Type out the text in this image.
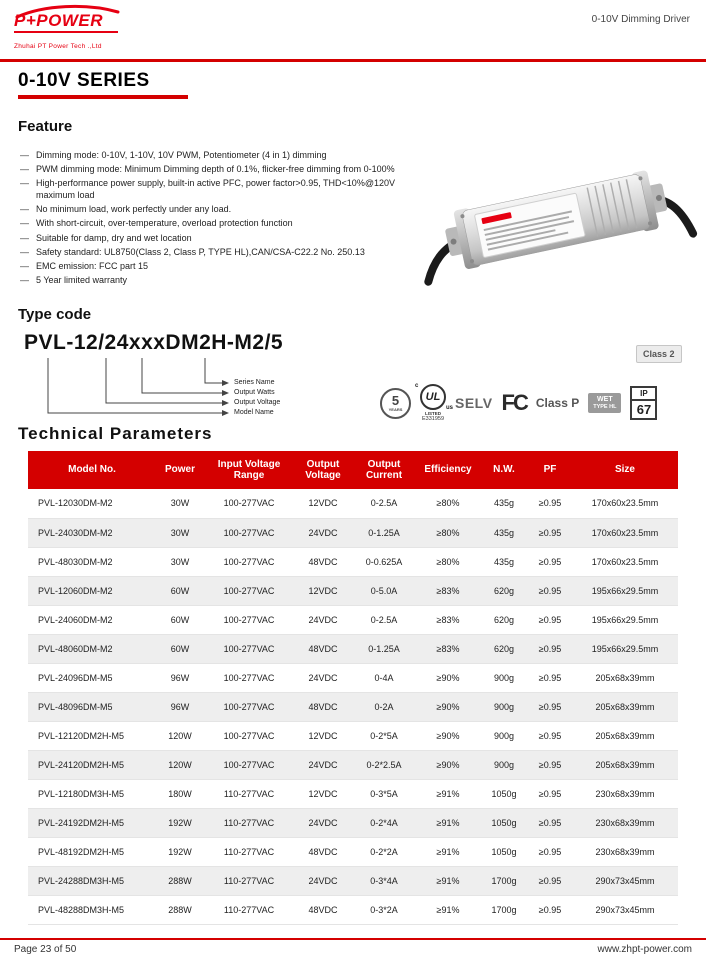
P+POWER
Zhuhai PT Power Tech .,Ltd
0-10V Dimming Driver
0-10V SERIES
Feature
— Dimming mode: 0-10V, 1-10V, 10V PWM, Potentiometer (4 in 1) dimming
— PWM dimming mode: Minimum Dimming depth of 0.1%, flicker-free dimming from 0-100%
— High-performance power supply, built-in active PFC, power factor>0.95, THD<10%@120V maximum load
— No minimum load, work perfectly under any load.
— With short-circuit, over-temperature, overload protection function
— Suitable for damp, dry and wet location
— Safety standard: UL8750(Class 2, Class P, TYPE HL),CAN/CSA-C22.2 No. 250.13
— EMC emission: FCC part 15
— 5 Year limited warranty
Type code
PVL-12/24xxxDM2H-M2/5
Series Name
Output Watts
Output Voltage
Model Name
Class 2
5
YEARS
c
UL
us
LISTED
E331959
SELV FC Class P	WET
TYPE HL
IP
67
Technical Parameters
Model No.	Power	Input Voltage Range	Output Voltage	Output Current	Efficiency	N.W.	PF	Size
PVL-12030DM-M2	30W	100-277VAC	12VDC	0-2.5A	≥80%	435g	≥0.95	170x60x23.5mm
PVL-24030DM-M2	30W	100-277VAC	24VDC	0-1.25A	≥80%	435g	≥0.95	170x60x23.5mm
PVL-48030DM-M2	30W	100-277VAC	48VDC	0-0.625A	≥80%	435g	≥0.95	170x60x23.5mm
PVL-12060DM-M2	60W	100-277VAC	12VDC	0-5.0A	≥83%	620g	≥0.95	195x66x29.5mm
PVL-24060DM-M2	60W	100-277VAC	24VDC	0-2.5A	≥83%	620g	≥0.95	195x66x29.5mm
PVL-48060DM-M2	60W	100-277VAC	48VDC	0-1.25A	≥83%	620g	≥0.95	195x66x29.5mm
PVL-24096DM-M5	96W	100-277VAC	24VDC	0-4A	≥90%	900g	≥0.95	205x68x39mm
PVL-48096DM-M5	96W	100-277VAC	48VDC	0-2A	≥90%	900g	≥0.95	205x68x39mm
PVL-12120DM2H-M5	120W	100-277VAC	12VDC	0-2*5A	≥90%	900g	≥0.95	205x68x39mm
PVL-24120DM2H-M5	120W	100-277VAC	24VDC	0-2*2.5A	≥90%	900g	≥0.95	205x68x39mm
PVL-12180DM3H-M5	180W	110-277VAC	12VDC	0-3*5A	≥91%	1050g	≥0.95	230x68x39mm
PVL-24192DM2H-M5	192W	110-277VAC	24VDC	0-2*4A	≥91%	1050g	≥0.95	230x68x39mm
PVL-48192DM2H-M5	192W	110-277VAC	48VDC	0-2*2A	≥91%	1050g	≥0.95	230x68x39mm
PVL-24288DM3H-M5	288W	110-277VAC	24VDC	0-3*4A	≥91%	1700g	≥0.95	290x73x45mm
PVL-48288DM3H-M5	288W	110-277VAC	48VDC	0-3*2A	≥91%	1700g	≥0.95	290x73x45mm
Page 23 of 50	www.zhpt-power.com
